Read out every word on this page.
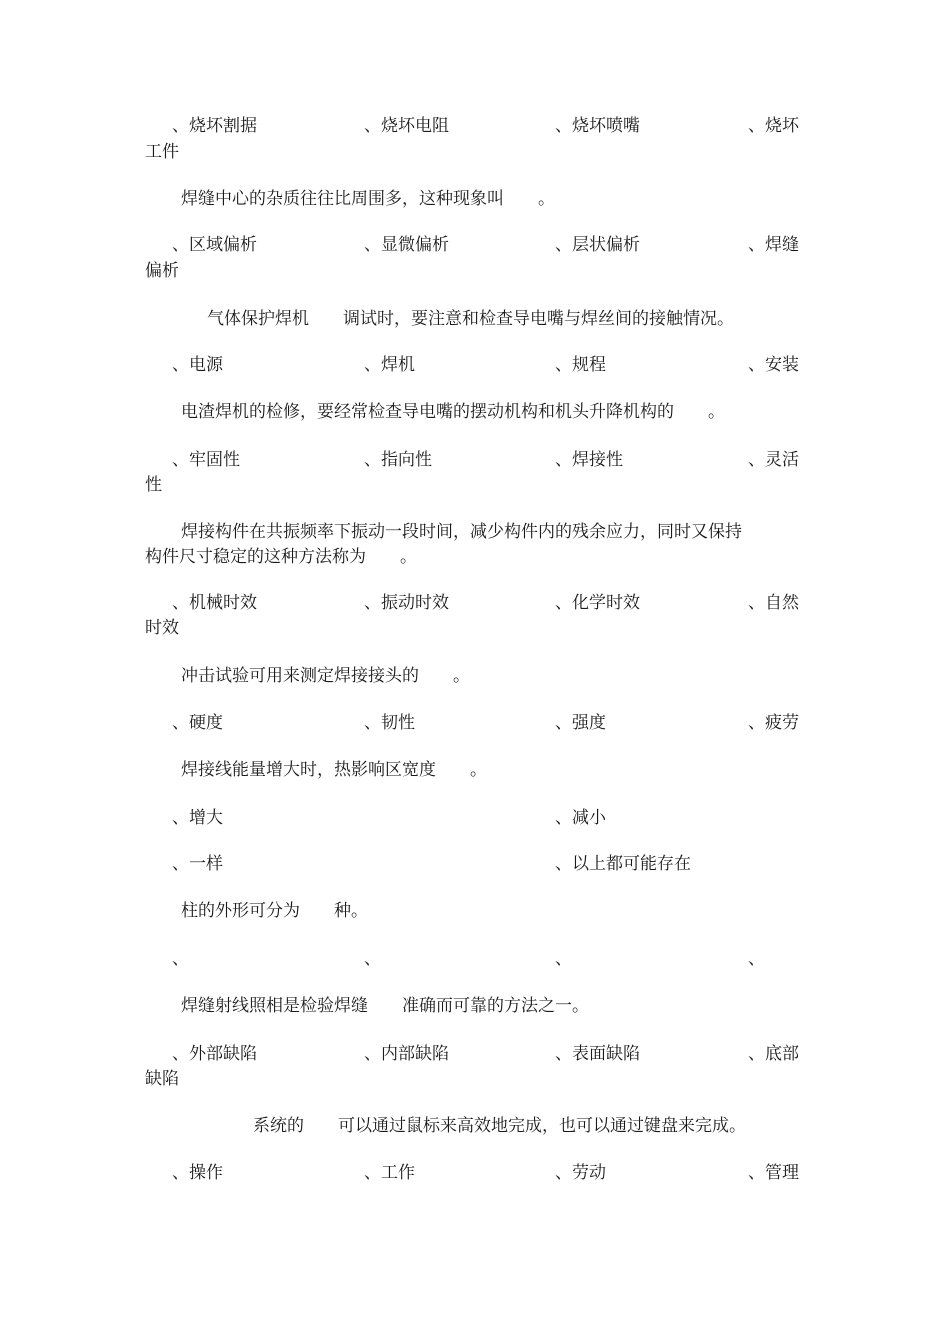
、烧坏割据	、烧坏电阻	、烧坏喷嘴	、烧坏
工件
焊缝中心的杂质往往比周围多，这种现象叫　　。
、区域偏析	、显微偏析	、层状偏析	、焊缝
偏析
气体保护焊机　　调试时，要注意和检查导电嘴与焊丝间的接触情况。
、电源	、焊机	、规程	、安装
电渣焊机的检修，要经常检查导电嘴的摆动机构和机头升降机构的　　。
、牢固性	、指向性	、焊接性	、灵活
性
焊接构件在共振频率下振动一段时间，减少构件内的残余应力，同时又保持
构件尺寸稳定的这种方法称为　　。
、机械时效	、振动时效	、化学时效	、自然
时效
冲击试验可用来测定焊接接头的　　。
、硬度	、韧性	、强度	、疲劳
焊接线能量增大时，热影响区宽度　　。
、增大	、减小
、一样	、以上都可能存在
柱的外形可分为　　种。
、	、	、	、
焊缝射线照相是检验焊缝　　准确而可靠的方法之一。
、外部缺陷	、内部缺陷	、表面缺陷	、底部
缺陷
系统的　　可以通过鼠标来高效地完成，也可以通过键盘来完成。
、操作	、工作	、劳动	、管理
